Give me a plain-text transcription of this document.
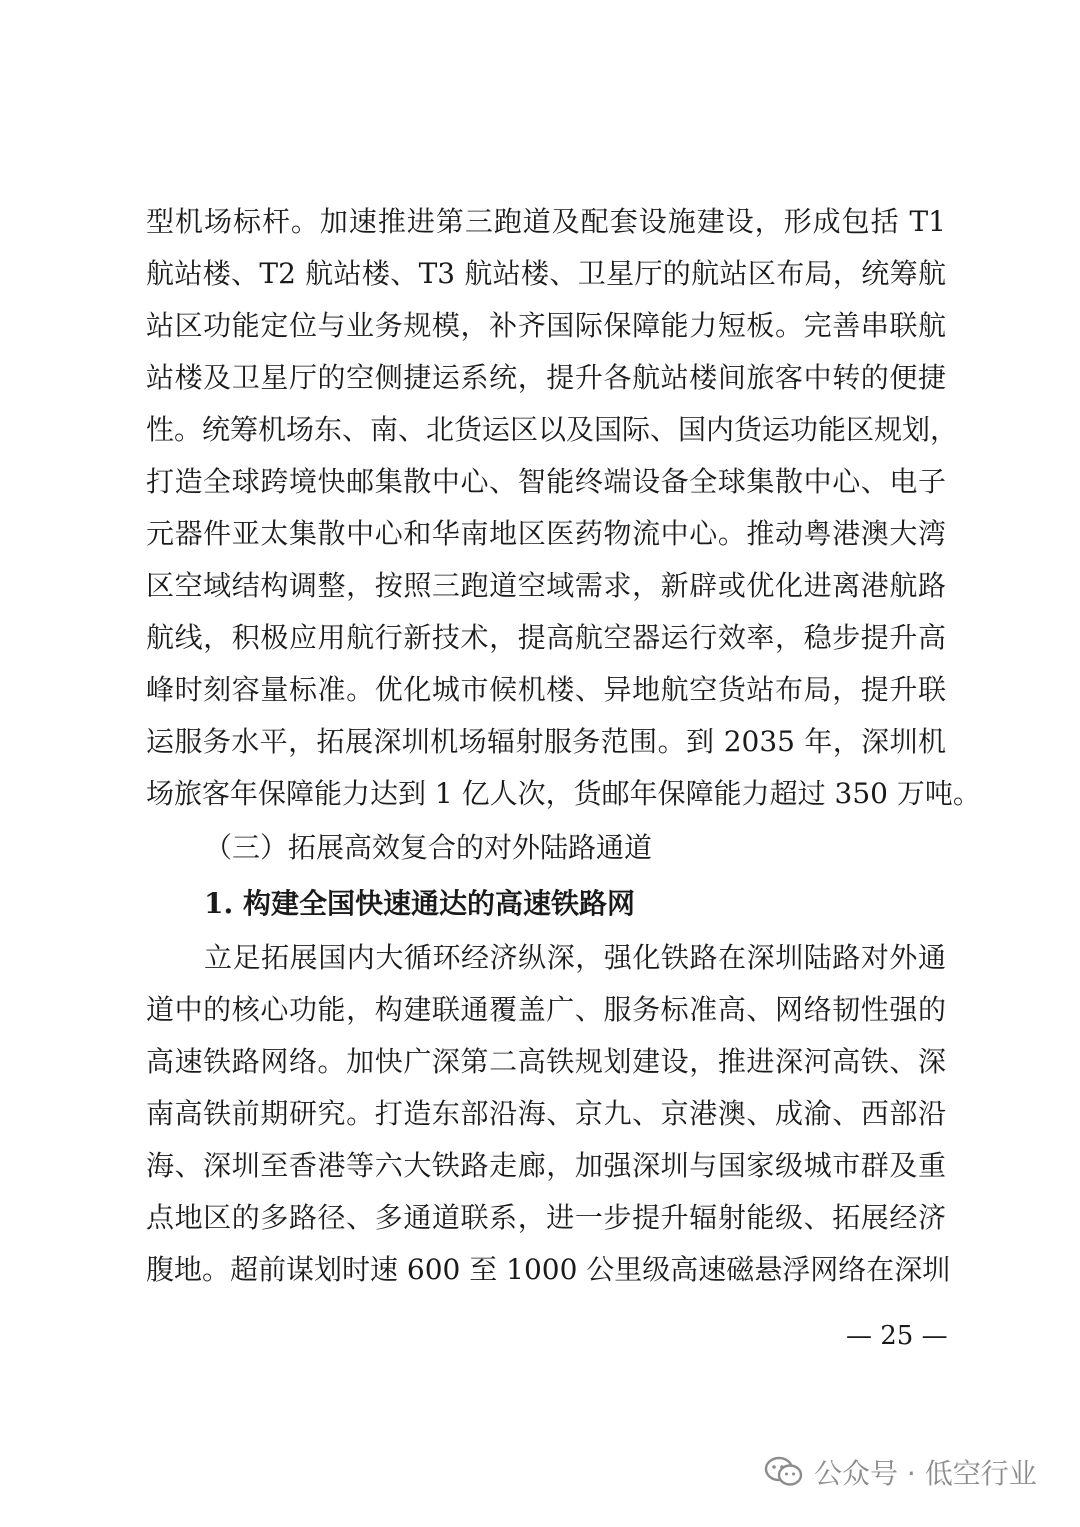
型机场标杆。加速推进第三跑道及配套设施建设，形成包括 T1
航站楼、T2 航站楼、T3 航站楼、卫星厅的航站区布局，统筹航
站区功能定位与业务规模，补齐国际保障能力短板。完善串联航
站楼及卫星厅的空侧捷运系统，提升各航站楼间旅客中转的便捷
性。统筹机场东、南、北货运区以及国际、国内货运功能区规划，
打造全球跨境快邮集散中心、智能终端设备全球集散中心、电子
元器件亚太集散中心和华南地区医药物流中心。推动粤港澳大湾
区空域结构调整，按照三跑道空域需求，新辟或优化进离港航路
航线，积极应用航行新技术，提高航空器运行效率，稳步提升高
峰时刻容量标准。优化城市候机楼、异地航空货站布局，提升联
运服务水平，拓展深圳机场辐射服务范围。到 2035 年，深圳机
场旅客年保障能力达到 1 亿人次，货邮年保障能力超过 350 万吨。
（三）拓展高效复合的对外陆路通道
1. 构建全国快速通达的高速铁路网
立足拓展国内大循环经济纵深，强化铁路在深圳陆路对外通
道中的核心功能，构建联通覆盖广、服务标准高、网络韧性强的
高速铁路网络。加快广深第二高铁规划建设，推进深河高铁、深
南高铁前期研究。打造东部沿海、京九、京港澳、成渝、西部沿
海、深圳至香港等六大铁路走廊，加强深圳与国家级城市群及重
点地区的多路径、多通道联系，进一步提升辐射能级、拓展经济
腹地。超前谋划时速 600 至 1000 公里级高速磁悬浮网络在深圳
— 25 —
公众号 · 低空行业
